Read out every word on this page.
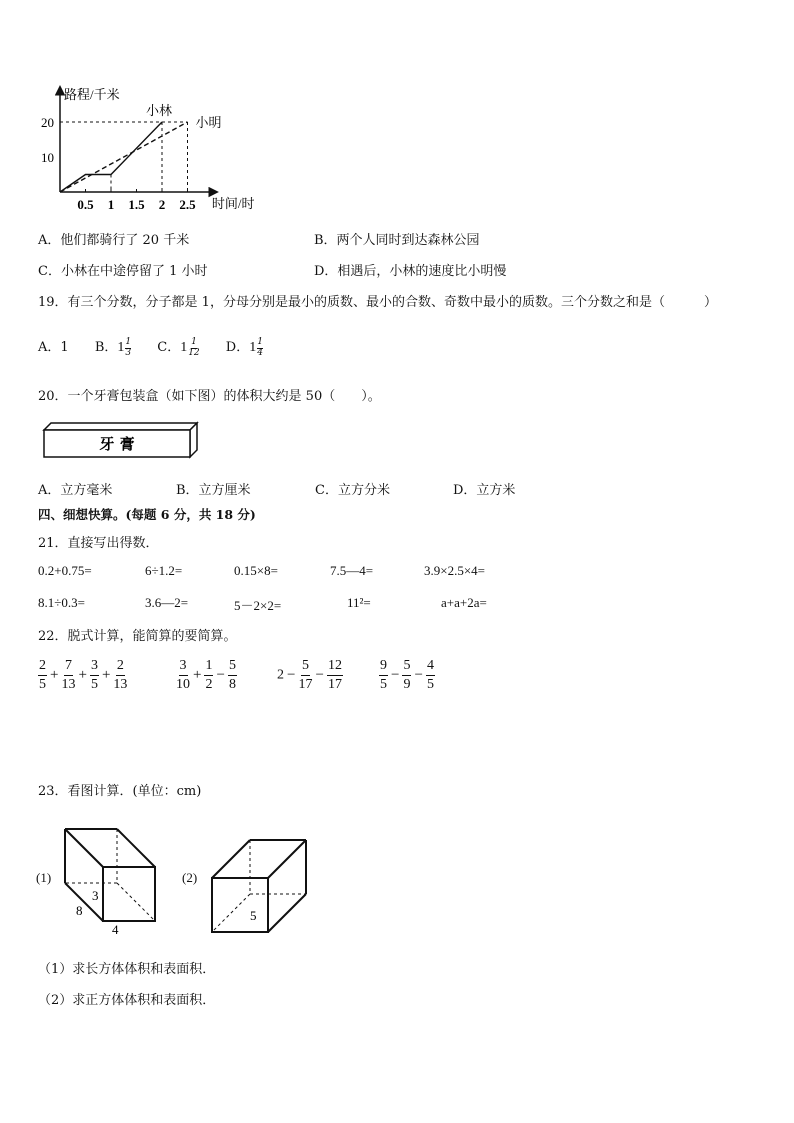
路程/千米
时间/时
0.5 1 1.5 2 2.5
10
20
小林
小明
A．他们都骑行了 20 千米	B．两个人同时到达森林公园
C．小林在中途停留了 1 小时	D．相遇后，小林的速度比小明慢
19．有三个分数，分子都是 1，分母分别是最小的质数、最小的合数、奇数中最小的质数。三个分数之和是（　　　）
A．1 B．$1 \frac{1}{3}$ C．$1 \frac{1}{12}$ D．$1 \frac{1}{4}$
20．一个牙膏包装盒（如下图）的体积大约是 50（　　）。
牙 膏
A．立方毫米	B．立方厘米	C．立方分米	D．立方米
四、细想快算。(每题 6 分，共 18 分)
21．直接写出得数．
0.2+0.75=	6÷1.2=	0.15×8=	7.5—4=	3.9×2.5×4=
8.1÷0.3=	3.6—2=	5－2×2=	11²=	a+a+2a=
22．脱式计算，能简算的要简算。
$\frac{2}{5} + \frac{7}{13} + \frac{3}{5} + \frac{2}{13}$	$\frac{3}{10} + \frac{1}{2} - \frac{5}{8}$	$2 - \frac{5}{17} - \frac{12}{17}$	$\frac{9}{5} - \frac{5}{9} - \frac{4}{5}$
23．看图计算．(单位：cm)
(1)
3
8
4
(2)
5
（1）求长方体体积和表面积．
（2）求正方体体积和表面积．
